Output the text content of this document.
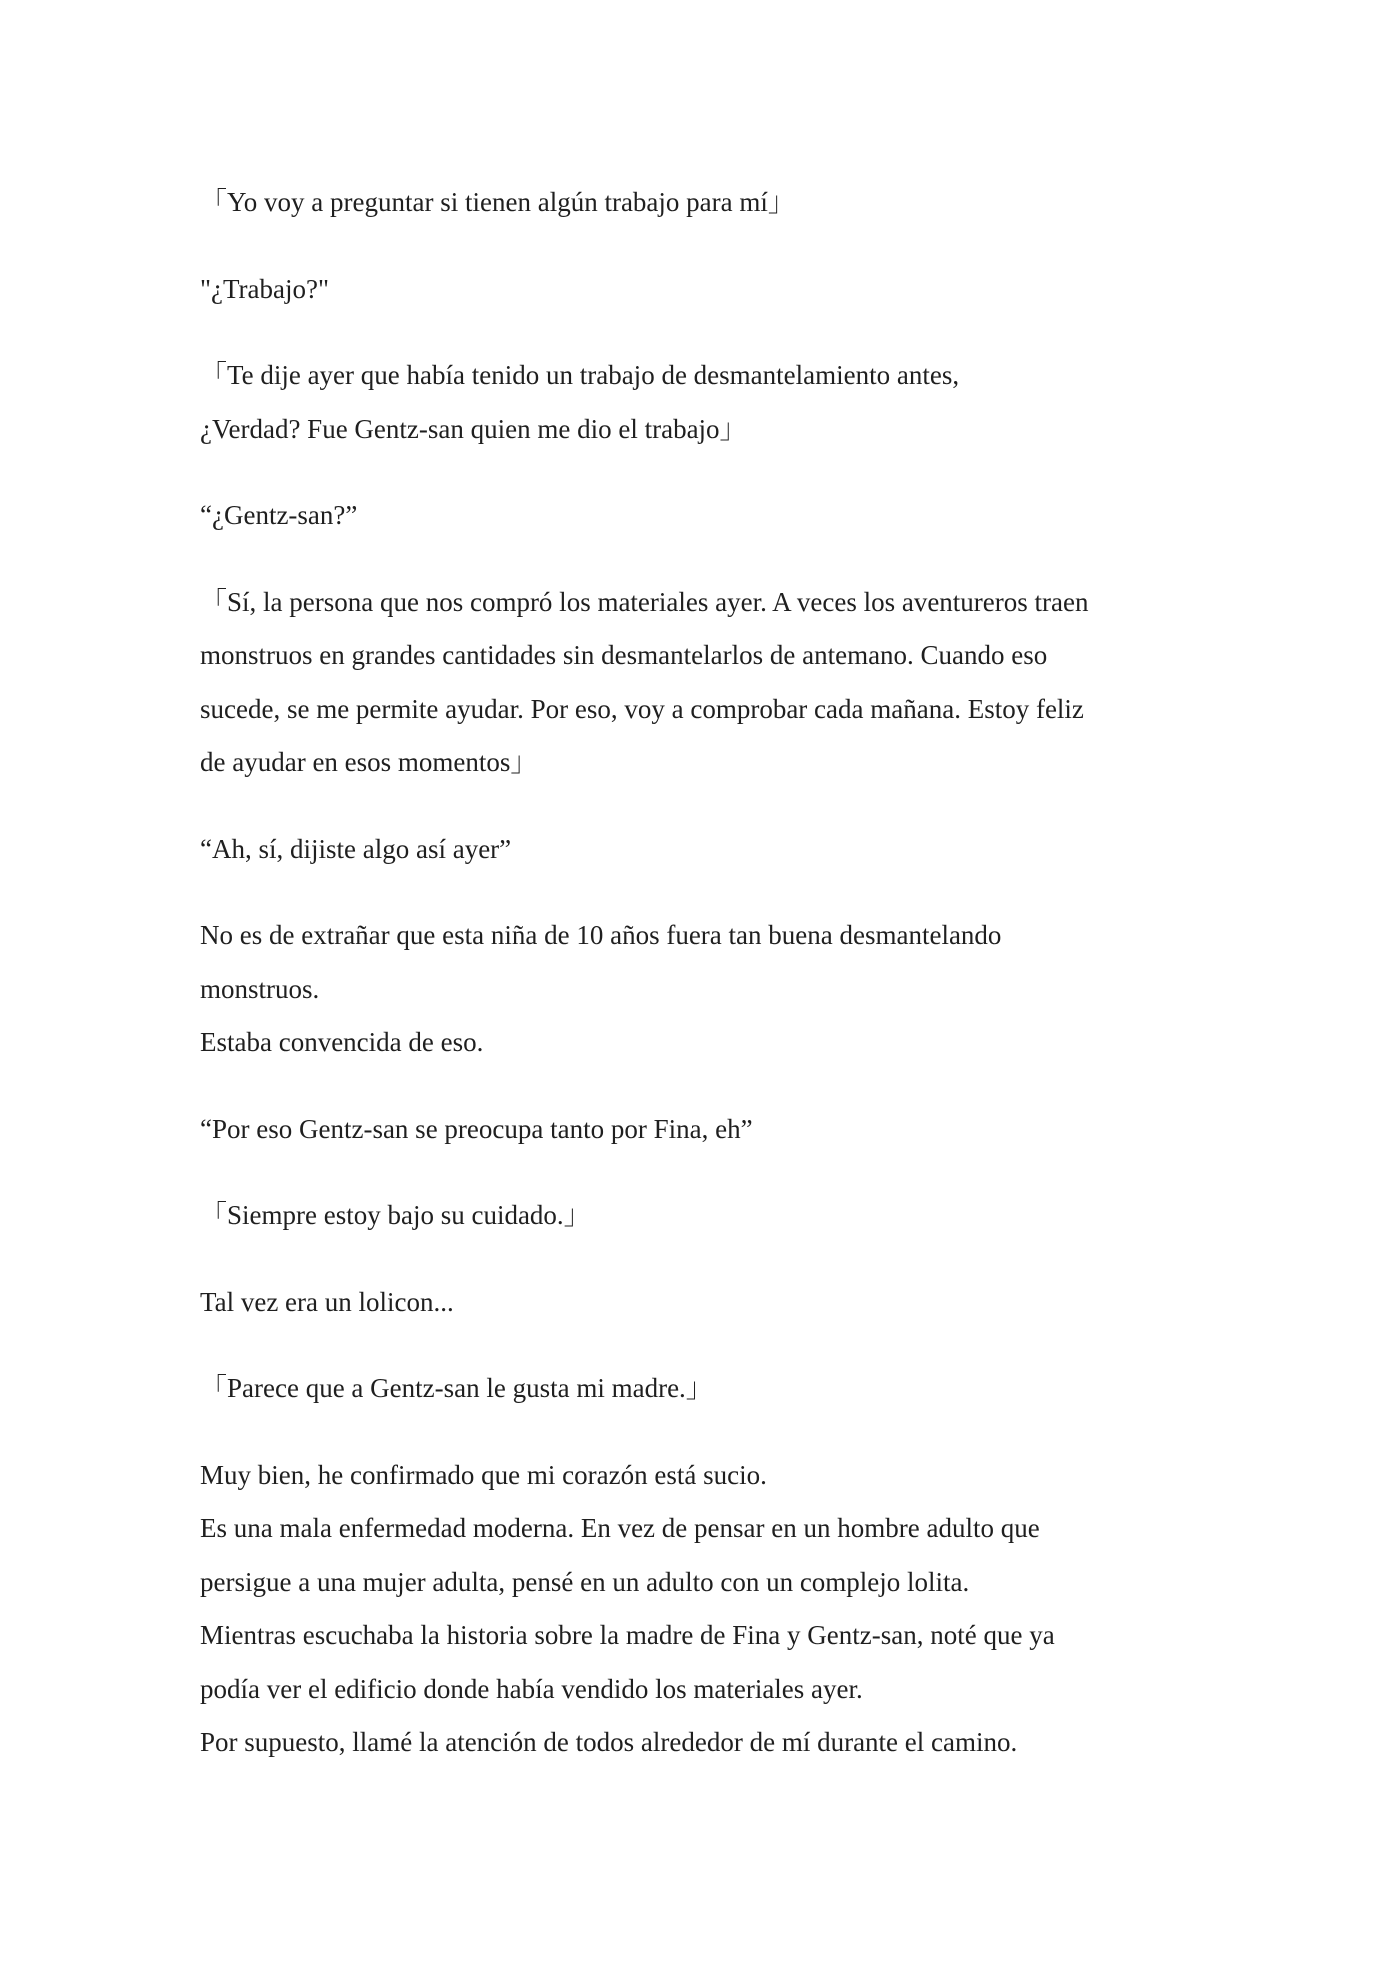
「Yo voy a preguntar si tienen algún trabajo para mí」

"¿Trabajo?"

「Te dije ayer que había tenido un trabajo de desmantelamiento antes,
¿Verdad? Fue Gentz-san quien me dio el trabajo」

“¿Gentz-san?”

「Sí, la persona que nos compró los materiales ayer. A veces los aventureros traen
monstruos en grandes cantidades sin desmantelarlos de antemano. Cuando eso
sucede, se me permite ayudar. Por eso, voy a comprobar cada mañana. Estoy feliz
de ayudar en esos momentos」

“Ah, sí, dijiste algo así ayer”

No es de extrañar que esta niña de 10 años fuera tan buena desmantelando
monstruos.
Estaba convencida de eso.

“Por eso Gentz-san se preocupa tanto por Fina, eh”

「Siempre estoy bajo su cuidado.」

Tal vez era un lolicon...

「Parece que a Gentz-san le gusta mi madre.」

Muy bien, he confirmado que mi corazón está sucio.
Es una mala enfermedad moderna. En vez de pensar en un hombre adulto que
persigue a una mujer adulta, pensé en un adulto con un complejo lolita.
Mientras escuchaba la historia sobre la madre de Fina y Gentz-san, noté que ya
podía ver el edificio donde había vendido los materiales ayer.
Por supuesto, llamé la atención de todos alrededor de mí durante el camino.
